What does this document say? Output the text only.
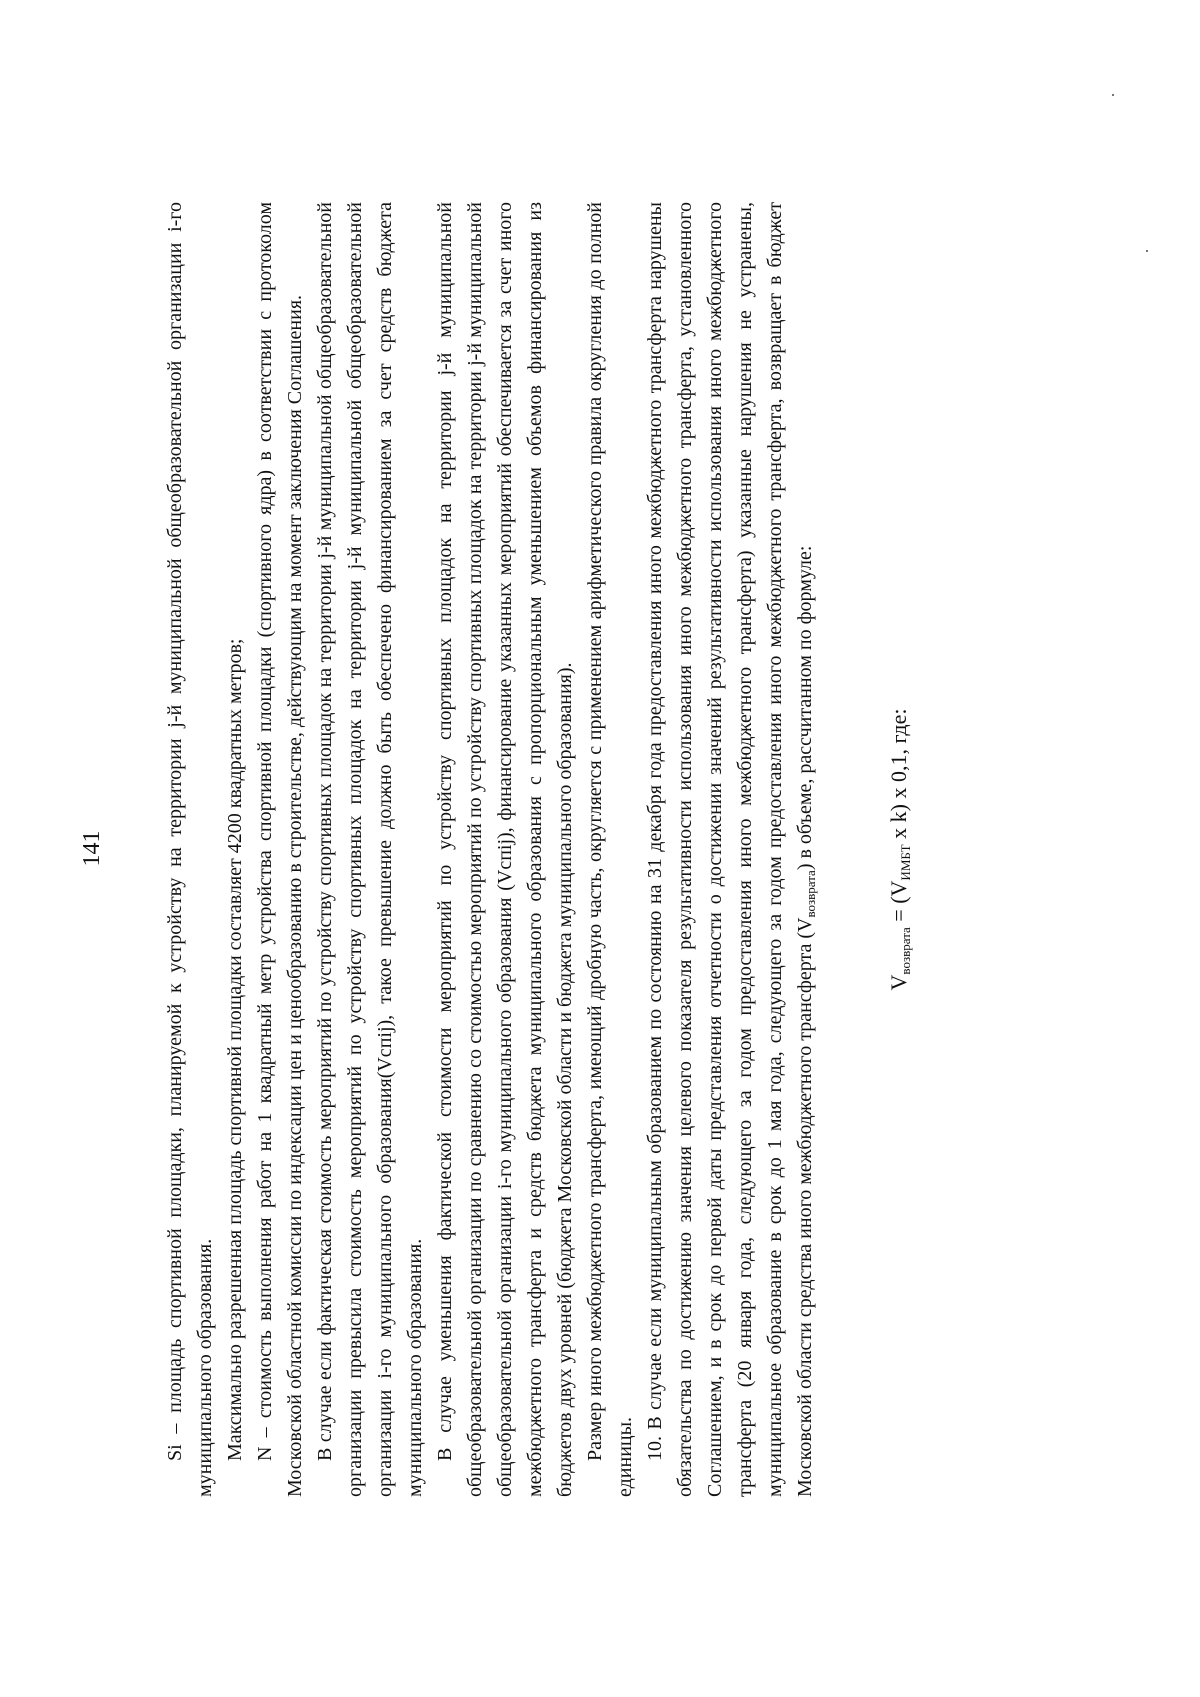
141	Si – площадь спортивной площадки, планируемой к устройству на территории j-й муниципальной общеобразовательной организации i-го муниципального образования. Максимально разрешенная площадь спортивной площадки составляет 4200 квадратных метров; N – стоимость выполнения работ на 1 квадратный метр устройства спортивной площадки (спортивного ядра) в соответствии с протоколом Московской областной комиссии по индексации цен и ценообразованию в строительстве, действующим на момент заключения Соглашения. В случае если фактическая стоимость мероприятий по устройству спортивных площадок на территории j-й муниципальной общеобразовательной организации превысила стоимость мероприятий по устройству спортивных площадок на территории j-й муниципальной общеобразовательной организации i-го муниципального образования(Vcпij), такое превышение должно быть обеспечено финансированием за счет средств бюджета муниципального образования. В случае уменьшения фактической стоимости мероприятий по устройству спортивных площадок на территории j-й муниципальной общеобразовательной организации по сравнению со стоимостью мероприятий по устройству спортивных площадок на территории j-й муниципальной общеобразовательной организации i-го муниципального образования (Vcпij), финансирование указанных мероприятий обеспечивается за счет иного межбюджетного трансферта и средств бюджета муниципального образования с пропорциональным уменьшением объемов финансирования из бюджетов двух уровней (бюджета Московской области и бюджета муниципального образования). Размер иного межбюджетного трансферта, имеющий дробную часть, округляется с применением арифметического правила округления до полной единицы. 10. В случае если муниципальным образованием по состоянию на 31 декабря года предоставления иного межбюджетного трансферта нарушены обязательства по достижению значения целевого показателя результативности использования иного межбюджетного трансферта, установленного Соглашением, и в срок до первой даты представления отчетности о достижении значений результативности использования иного межбюджетного трансферта (20 января года, следующего за годом предоставления иного межбюджетного трансферта) указанные нарушения не устранены, муниципальное образование в срок до 1 мая года, следующего за годом предоставления иного межбюджетного трансферта, возвращает в бюджет Московской области средства иного межбюджетного трансферта $(V_{возврата})$ в объеме, рассчитанном по формуле:

$V_{возврата} = (V_{ИМБТ}$ x k) x 0,1, где:
